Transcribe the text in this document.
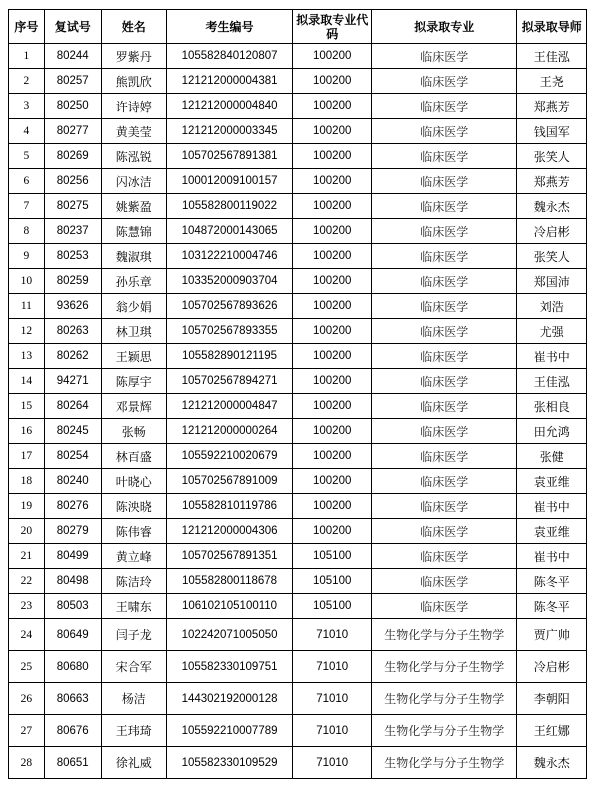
序号	复试号	姓名	考生编号	拟录取专业代码	拟录取专业	拟录取导师
1	80244	罗紫丹	105582840120807	100200	临床医学	王佳泓
2	80257	熊凯欣	121212000004381	100200	临床医学	王尧
3	80250	许诗婷	121212000004840	100200	临床医学	郑燕芳
4	80277	黄美莹	121212000003345	100200	临床医学	钱国军
5	80269	陈泓锐	105702567891381	100200	临床医学	张笑人
6	80256	闪冰洁	100012009100157	100200	临床医学	郑燕芳
7	80275	姚紫盈	105582800119022	100200	临床医学	魏永杰
8	80237	陈慧锦	104872000143065	100200	临床医学	冷启彬
9	80253	魏淑琪	103122210004746	100200	临床医学	张笑人
10	80259	孙乐章	103352000903704	100200	临床医学	郑国沛
11	93626	翁少娟	105702567893626	100200	临床医学	刘浩
12	80263	林卫琪	105702567893355	100200	临床医学	尤强
13	80262	王颖思	105582890121195	100200	临床医学	崔书中
14	94271	陈厚宇	105702567894271	100200	临床医学	王佳泓
15	80264	邓景辉	121212000004847	100200	临床医学	张相良
16	80245	张畅	121212000000264	100200	临床医学	田允鸿
17	80254	林百盛	105592210020679	100200	临床医学	张健
18	80240	叶晓心	105702567891009	100200	临床医学	袁亚维
19	80276	陈泱晓	105582810119786	100200	临床医学	崔书中
20	80279	陈伟睿	121212000004306	100200	临床医学	袁亚维
21	80499	黄立峰	105702567891351	105100	临床医学	崔书中
22	80498	陈洁玲	105582800118678	105100	临床医学	陈冬平
23	80503	王啸东	106102105100110	105100	临床医学	陈冬平
24	80649	闫子龙	102242071005050	71010	生物化学与分子生物学	贾广帅
25	80680	宋合军	105582330109751	71010	生物化学与分子生物学	冷启彬
26	80663	杨洁	144302192000128	71010	生物化学与分子生物学	李朝阳
27	80676	王玮琦	105592210007789	71010	生物化学与分子生物学	王红娜
28	80651	徐礼威	105582330109529	71010	生物化学与分子生物学	魏永杰
